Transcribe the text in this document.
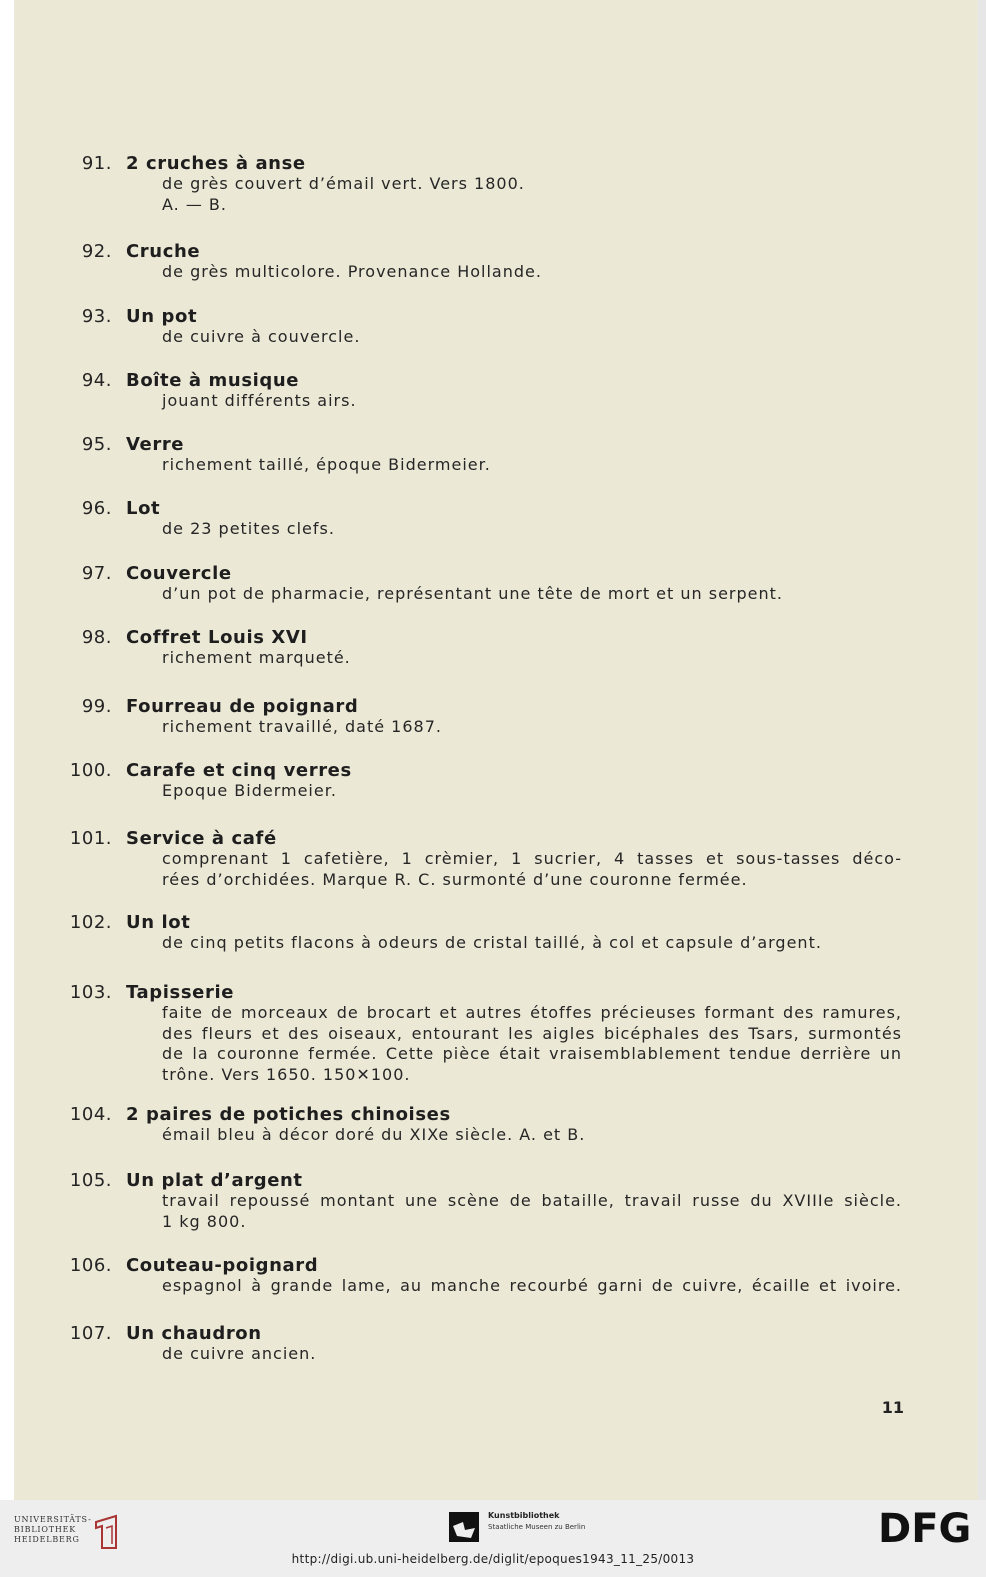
91. 2 cruches à anse

de grès couvert d’émail vert. Vers 1800.

A. — B.

92. Cruche

de grès multicolore. Provenance Hollande.

93. Un pot

de cuivre à couvercle.

94. Boîte à musique

jouant différents airs.

95. Verre

richement taillé, époque Bidermeier.

96. Lot

de 23 petites clefs.

97. Couvercle

d’un pot de pharmacie, représentant une tête de mort et un serpent.

98. Coffret Louis XVI

richement marqueté.

99. Fourreau de poignard

richement travaillé, daté 1687.

100. Carafe et cinq verres

Epoque Bidermeier.

101. Service à café

comprenant 1 cafetière, 1 crèmier, 1 sucrier, 4 tasses et sous-tasses déco-

rées d’orchidées. Marque R. C. surmonté d’une couronne fermée.

102. Un lot

de cinq petits flacons à odeurs de cristal taillé, à col et capsule d’argent.

103. Tapisserie

faite de morceaux de brocart et autres étoffes précieuses formant des ramures,

des fleurs et des oiseaux, entourant les aigles bicéphales des Tsars, surmontés

de la couronne fermée. Cette pièce était vraisemblablement tendue derrière un

trône. Vers 1650. 150✕100.

104. 2 paires de potiches chinoises

émail bleu à décor doré du XIXe siècle. A. et B.

105. Un plat d’argent

travail repoussé montant une scène de bataille, travail russe du XVIIIe siècle.

1 kg 800.

106. Couteau-poignard

espagnol à grande lame, au manche recourbé garni de cuivre, écaille et ivoire.

107. Un chaudron

de cuivre ancien.

11
UNIVERSITÄTS-
BIBLIOTHEK
HEIDELBERG
Kunstbibliothek
Staatliche Museen zu Berlin	DFG
http://digi.ub.uni-heidelberg.de/diglit/epoques1943_11_25/0013
